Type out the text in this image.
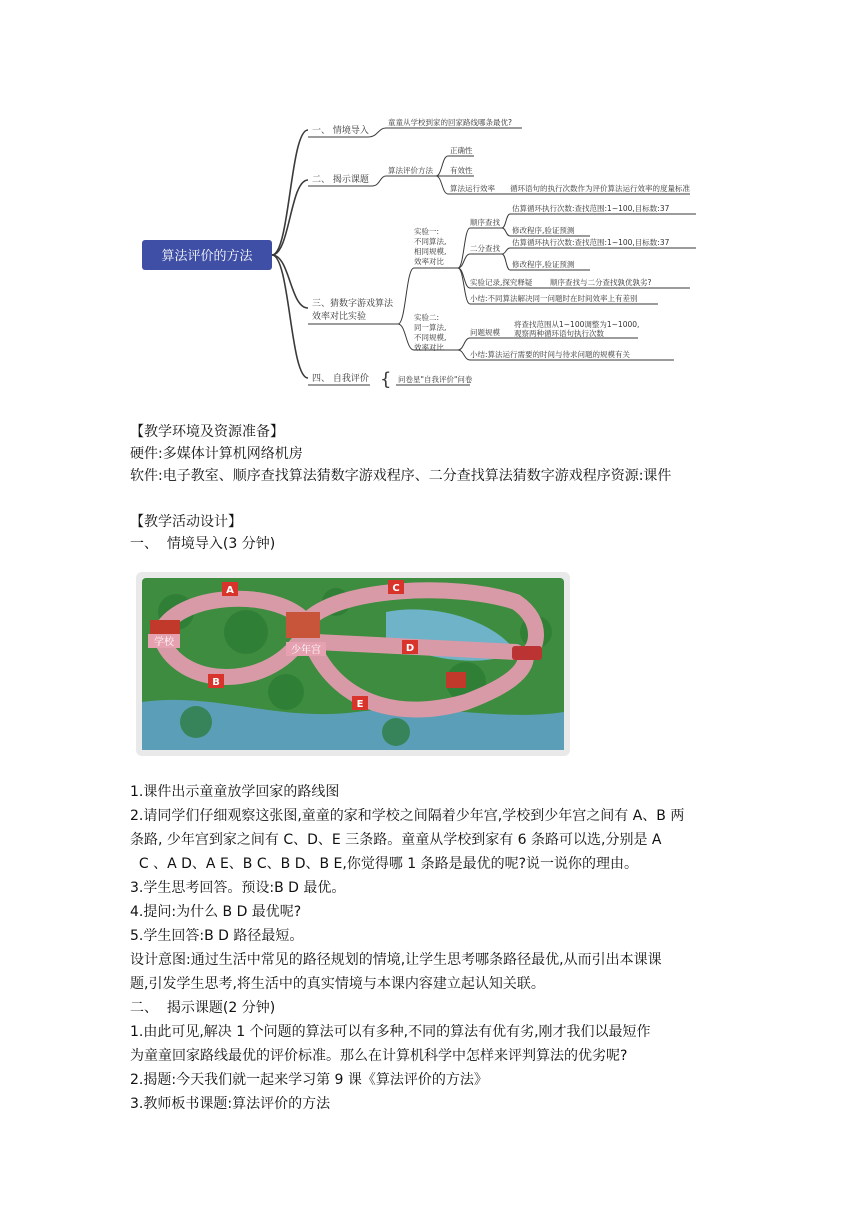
算法评价的方法
{
一、 情境导入
童童从学校到家的回家路线哪条最优?
二、 揭示课题
算法评价方法
正确性
有效性
算法运行效率 循环语句的执行次数作为评价算法运行效率的度量标准
三、猜数字游戏算法
效率对比实验
实验一:
不同算法,
相同规模,
效率对比
顺序查找
估算循环执行次数:查找范围:1~100,目标数:37
修改程序,验证预测
二分查找
估算循环执行次数:查找范围:1~100,目标数:37
修改程序,验证预测
实验记录,探究释疑 顺序查找与二分查找孰优孰劣?
小结:不同算法解决同一问题时在时间效率上有差别
实验二:
同一算法,
不同规模,
效率对比
问题规模
将查找范围从1~100调整为1~1000,
观察两种循环语句执行次数
小结:算法运行需要的时间与待求问题的规模有关
四、 自我评价	问卷星"自我评价"问卷
【教学环境及资源准备】
硬件:多媒体计算机网络机房
软件:电子教室、顺序查找算法猜数字游戏程序、二分查找算法猜数字游戏程序资源:课件
【教学活动设计】
一、  情境导入(3 分钟)
学校
少年宫
A
B
C
D
E
1.课件出示童童放学回家的路线图
2.请同学们仔细观察这张图,童童的家和学校之间隔着少年宫,学校到少年宫之间有 A、B 两
条路, 少年宫到家之间有 C、D、E 三条路。童童从学校到家有 6 条路可以选,分别是 A
C 、A D、A E、B C、B D、B E,你觉得哪 1 条路是最优的呢?说一说你的理由。
3.学生思考回答。预设:B D 最优。
4.提问:为什么 B D 最优呢?
5.学生回答:B D 路径最短。
设计意图:通过生活中常见的路径规划的情境,让学生思考哪条路径最优,从而引出本课课
题,引发学生思考,将生活中的真实情境与本课内容建立起认知关联。
二、  揭示课题(2 分钟)
1.由此可见,解决 1 个问题的算法可以有多种,不同的算法有优有劣,刚才我们以最短作
为童童回家路线最优的评价标准。那么在计算机科学中怎样来评判算法的优劣呢?
2.揭题:今天我们就一起来学习第 9 课《算法评价的方法》
3.教师板书课题:算法评价的方法
